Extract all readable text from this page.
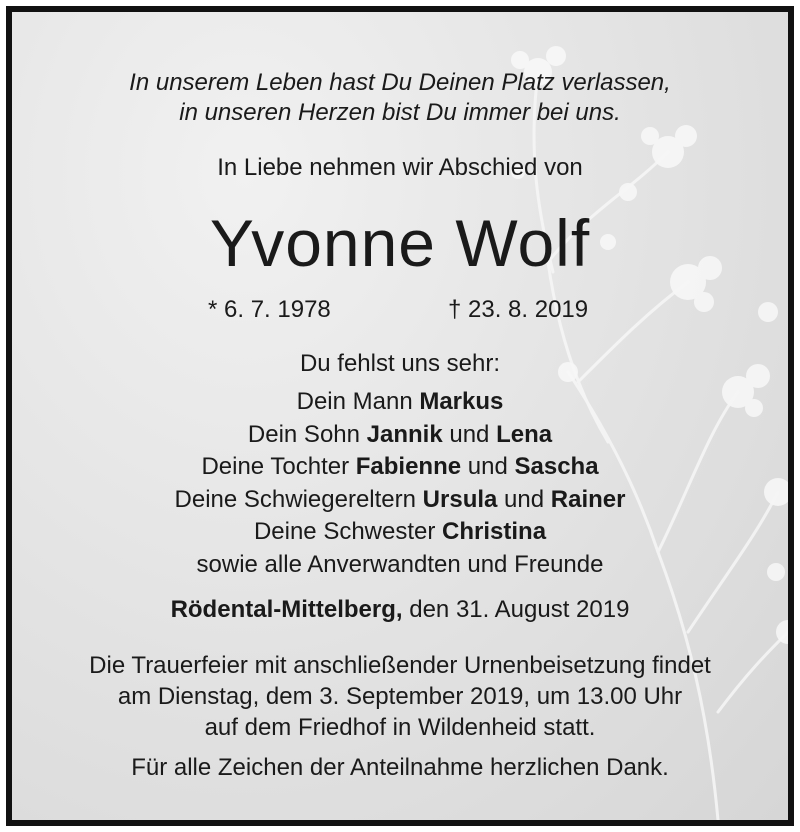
In unserem Leben hast Du Deinen Platz verlassen,
in unseren Herzen bist Du immer bei uns.
In Liebe nehmen wir Abschied von
Yvonne Wolf
* 6. 7. 1978	† 23. 8. 2019
Du fehlst uns sehr:
Dein Mann Markus
Dein Sohn Jannik und Lena
Deine Tochter Fabienne und Sascha
Deine Schwiegereltern Ursula und Rainer
Deine Schwester Christina
sowie alle Anverwandten und Freunde
Rödental-Mittelberg, den 31. August 2019
Die Trauerfeier mit anschließender Urnenbeisetzung findet
am Dienstag, dem 3. September 2019, um 13.00 Uhr
auf dem Friedhof in Wildenheid statt.
Für alle Zeichen der Anteilnahme herzlichen Dank.
